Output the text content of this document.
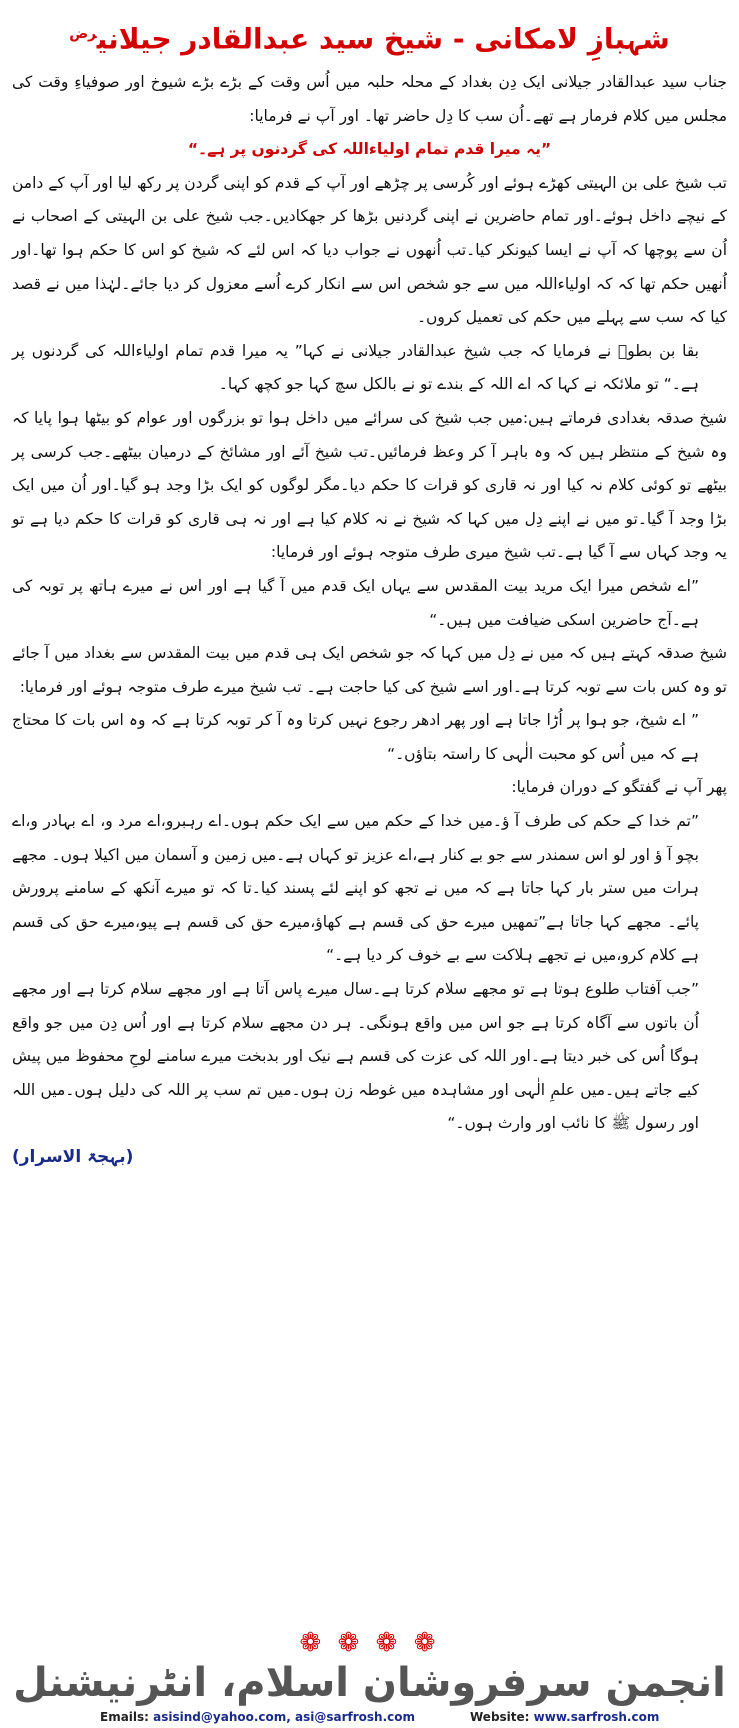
شہبازِ لامکانی - شیخ سید عبدالقادر جیلانی$^{رض}$

جناب سید عبدالقادر جیلانی ایک دِن بغداد کے محلہ حلبہ میں اُس وقت کے بڑے بڑے شیوخ اور صوفیاءِ وقت کی مجلس میں کلام فرمار ہے تھے۔اُن سب کا دِل حاضر تھا۔ اور آپ نے فرمایا:

”یہ میرا قدم تمام اولیاءاللہ کی گردنوں پر ہے۔“

تب شیخ علی بن الہیتی کھڑے ہوئے اور کُرسی پر چڑھے اور آپ کے قدم کو اپنی گردن پر رکھ لیا اور آپ کے دامن کے نیچے داخل ہوئے۔اور تمام حاضرین نے اپنی گردنیں بڑھا کر جھکادیں۔جب شیخ علی بن الہیتی کے اصحاب نے اُن سے پوچھا کہ آپ نے ایسا کیونکر کیا۔تب اُنھوں نے جواب دیا کہ اس لئے کہ شیخ کو اس کا حکم ہوا تھا۔اور اُنھیں حکم تھا کہ کہ اولیاءاللہ میں سے جو شخص اس سے انکار کرے اُسے معزول کر دیا جائے۔لہٰذا میں نے قصد کیا کہ سب سے پہلے میں حکم کی تعمیل کروں۔

بقا بن بطوؒ نے فرمایا کہ جب شیخ عبدالقادر جیلانی نے کہا” یہ میرا قدم تمام اولیاءاللہ کی گردنوں پر ہے۔“ تو ملائکہ نے کہا کہ اے اللہ کے بندے تو نے بالکل سچ کہا جو کچھ کہا۔

شیخ صدقہ بغدادی فرماتے ہیں:میں جب شیخ کی سرائے میں داخل ہوا تو بزرگوں اور عوام کو بیٹھا ہوا پایا کہ وہ شیخ کے منتظر ہیں کہ وہ باہر آ کر وعظ فرمائیں۔تب شیخ آئے اور مشائخ کے درمیان بیٹھے۔جب کرسی پر بیٹھے تو کوئی کلام نہ کیا اور نہ قاری کو قرات کا حکم دیا۔مگر لوگوں کو ایک بڑا وجد ہو گیا۔اور اُن میں ایک بڑا وجد آ گیا۔تو میں نے اپنے دِل میں کہا کہ شیخ نے نہ کلام کیا ہے اور نہ ہی قاری کو قرات کا حکم دیا ہے تو یہ وجد کہاں سے آ گیا ہے۔تب شیخ میری طرف متوجہ ہوئے اور فرمایا:

”اے شخص میرا ایک مرید بیت المقدس سے یہاں ایک قدم میں آ گیا ہے اور اس نے میرے ہاتھ پر توبہ کی ہے۔آج حاضرین اسکی ضیافت میں ہیں۔“

شیخ صدقہ کہتے ہیں کہ میں نے دِل میں کہا کہ جو شخص ایک ہی قدم میں بیت المقدس سے بغداد میں آ جائے تو وہ کس بات سے توبہ کرتا ہے۔اور اسے شیخ کی کیا حاجت ہے۔ تب شیخ میرے طرف متوجہ ہوئے اور فرمایا:

” اے شیخ، جو ہوا پر اُڑا جاتا ہے اور پھر ادھر رجوع نہیں کرتا وہ آ کر توبہ کرتا ہے کہ وہ اس بات کا محتاج ہے کہ میں اُس کو محبت الٰہی کا راستہ بتاؤں۔“

پھر آپ نے گفتگو کے دوران فرمایا:

”تم خدا کے حکم کی طرف آ ؤ۔میں خدا کے حکم میں سے ایک حکم ہوں۔اے رہبرو،اے مرد و، اے بہادر و،اے بچو آ ؤ اور لو اس سمندر سے جو بے کنار ہے،اے عزیز تو کہاں ہے۔میں زمین و آسمان میں اکیلا ہوں۔ مجھے ہرات میں ستر بار کہا جاتا ہے کہ میں نے تجھ کو اپنے لئے پسند کیا۔تا کہ تو میرے آنکھ کے سامنے پرورش پائے۔ مجھے کہا جاتا ہے”تمھیں میرے حق کی قسم ہے کھاؤ،میرے حق کی قسم ہے پیو،میرے حق کی قسم ہے کلام کرو،میں نے تجھے ہلاکت سے بے خوف کر دیا ہے۔“

”جب آفتاب طلوع ہوتا ہے تو مجھے سلام کرتا ہے۔سال میرے پاس آتا ہے اور مجھے سلام کرتا ہے اور مجھے اُن باتوں سے آگاہ کرتا ہے جو اس میں واقع ہونگی۔ ہر دن مجھے سلام کرتا ہے اور اُس دِن میں جو واقع ہوگا اُس کی خبر دیتا ہے۔اور اللہ کی عزت کی قسم ہے نیک اور بدبخت میرے سامنے لوحِ محفوظ میں پیش کیے جاتے ہیں۔میں علمِ الٰہی اور مشاہدہ میں غوطہ زن ہوں۔میں تم سب پر اللہ کی دلیل ہوں۔میں اللہ اور رسول ﷺ کا نائب اور وارث ہوں۔“

(بہجۃ الاسرار)

❁ ❁ ❁ ❁
انجمن سرفروشان اسلام، انٹرنیشنل
Emails: asisind@yahoo.com, asi@sarfrosh.com	Website: www.sarfrosh.com
